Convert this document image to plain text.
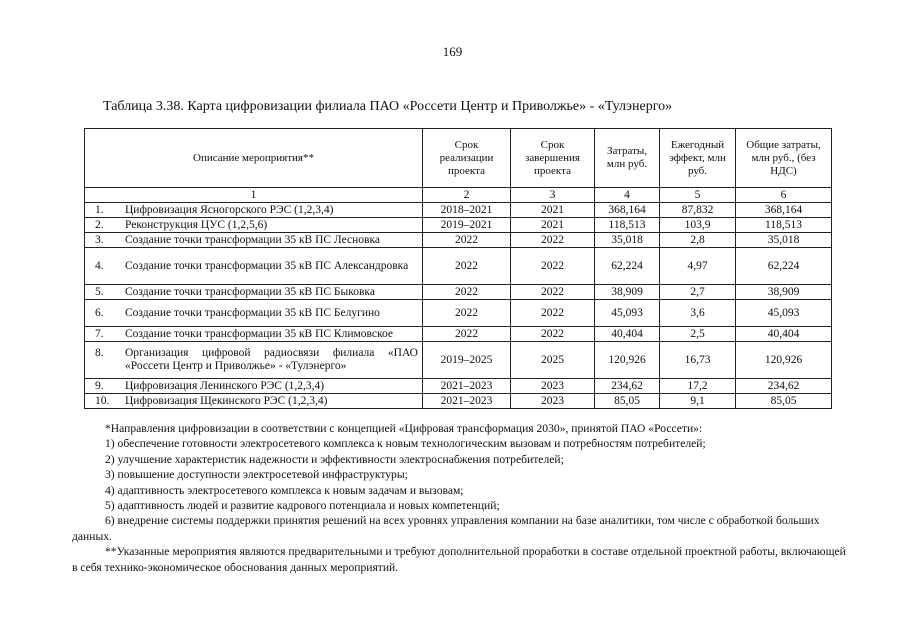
169
Таблица 3.38. Карта цифровизации филиала ПАО «Россети Центр и Приволжье» - «Тулэнерго»
Описание мероприятия**	Срок реализации проекта	Срок завершения проекта	Затраты, млн руб.	Ежегодный эффект, млн руб.	Общие затраты, млн руб., (без НДС)
1	2	3	4	5	6

1. Цифровизация Ясногорского РЭС (1,2,3,4)	2018–2021	2021	368,164	87,832	368,164

2. Реконструкция ЦУС (1,2,5,6)	2019–2021	2021	118,513	103,9	118,513

3. Создание точки трансформации 35 кВ ПС Лесновка	2022	2022	35,018	2,8	35,018

4. Создание точки трансформации 35 кВ ПС Александровка	2022	2022	62,224	4,97	62,224

5. Создание точки трансформации 35 кВ ПС Быковка	2022	2022	38,909	2,7	38,909

6. Создание точки трансформации 35 кВ ПС Белугино	2022	2022	45,093	3,6	45,093

7. Создание точки трансформации 35 кВ ПС Климовское	2022	2022	40,404	2,5	40,404

8. Организация цифровой радиосвязи филиала «ПАО «Россети Центр и Приволжье» - «Тулэнерго»	2019–2025	2025	120,926	16,73	120,926

9. Цифровизация Ленинского РЭС (1,2,3,4)	2021–2023	2023	234,62	17,2	234,62

10. Цифровизация Щекинского РЭС (1,2,3,4)	2021–2023	2023	85,05	9,1	85,05

*Направления цифровизации в соответствии с концепцией «Цифровая трансформация 2030», принятой ПАО «Россети»:

1) обеспечение готовности электросетевого комплекса к новым технологическим вызовам и потребностям потребителей;

2) улучшение характеристик надежности и эффективности электроснабжения потребителей;

3) повышение доступности электросетевой инфраструктуры;

4) адаптивность электросетевого комплекса к новым задачам и вызовам;

5) адаптивность людей и развитие кадрового потенциала и новых компетенций;

6) внедрение системы поддержки принятия решений на всех уровнях управления компании на базе аналитики, том числе с обработкой больших данных.

**Указанные мероприятия являются предварительными и требуют дополнительной проработки в составе отдельной проектной работы, включающей в себя технико-экономическое обоснования данных мероприятий.
